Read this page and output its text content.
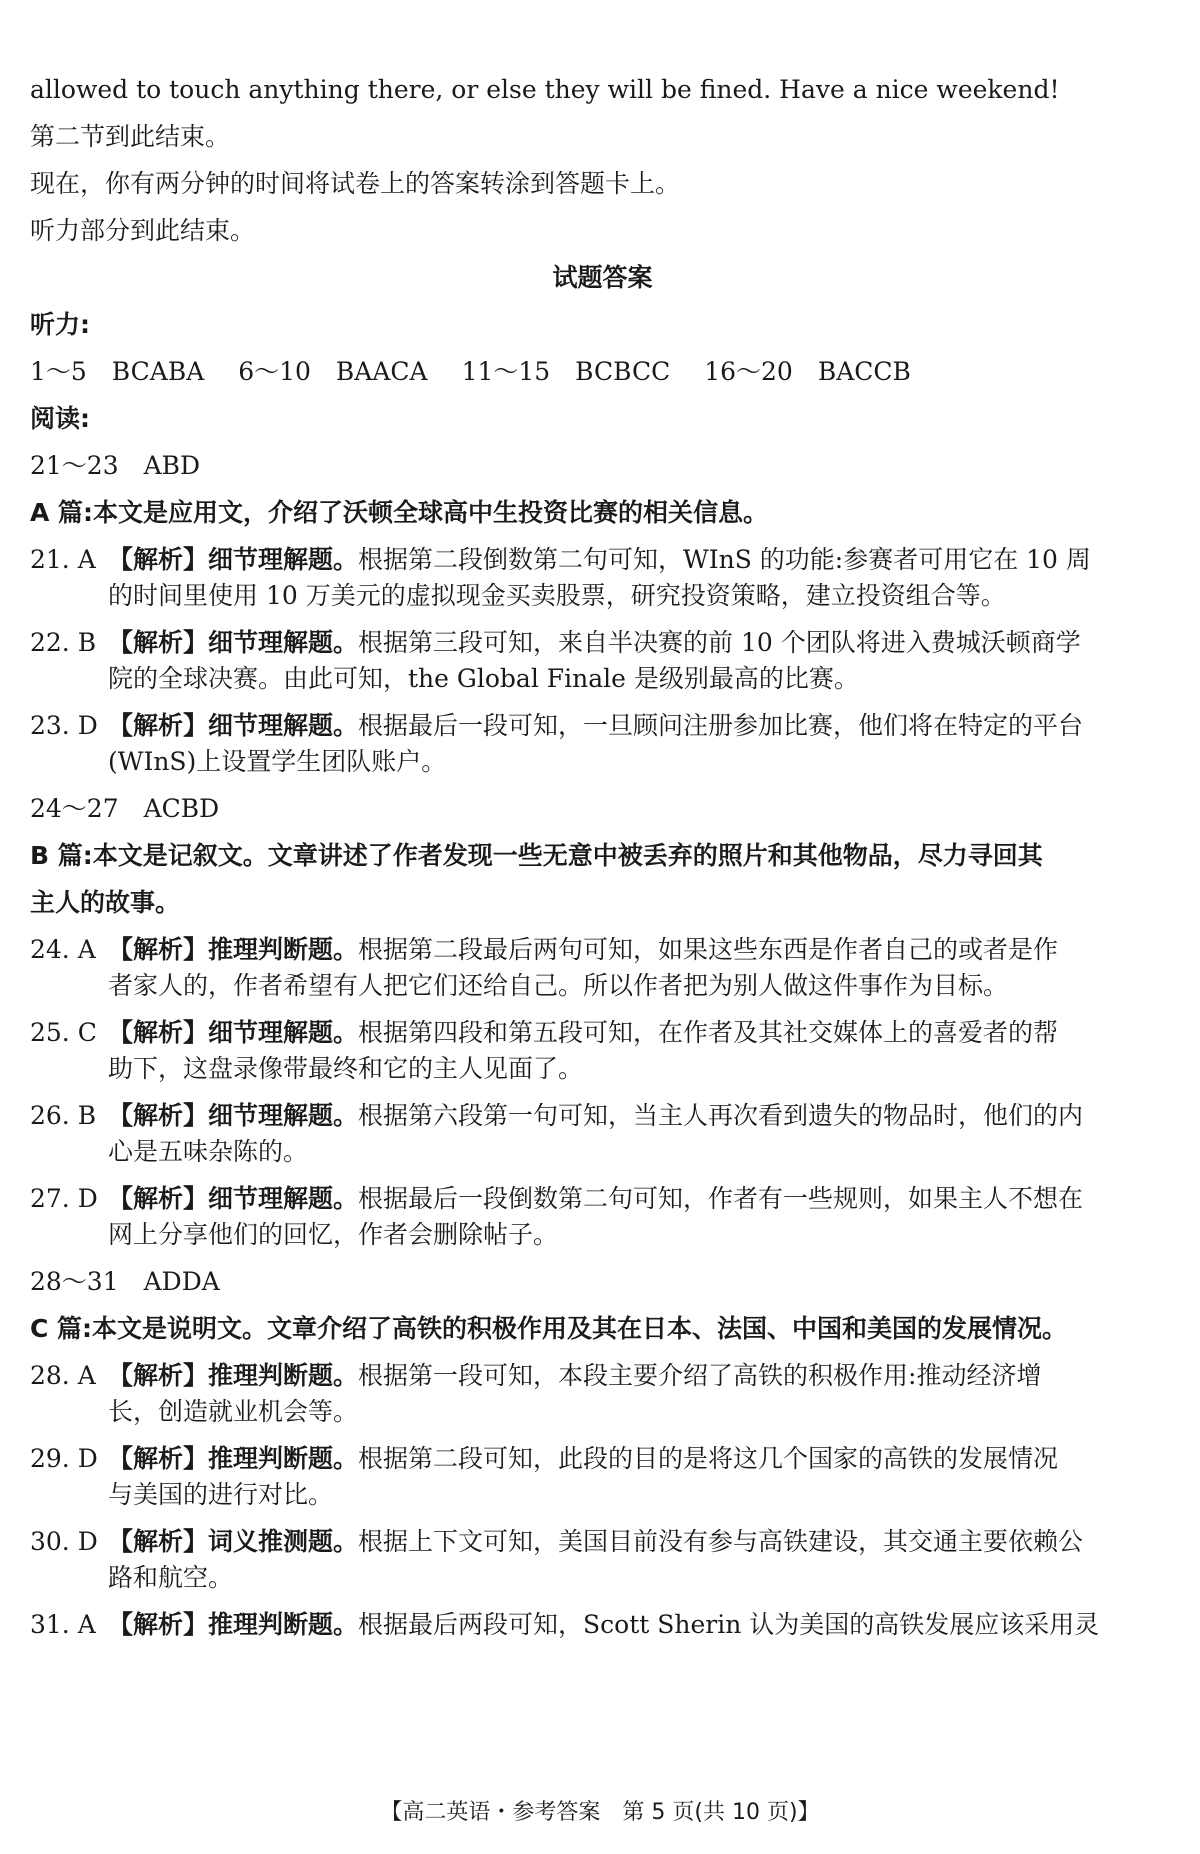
allowed to touch anything there, or else they will be fined. Have a nice weekend!
第二节到此结束。
现在，你有两分钟的时间将试卷上的答案转涂到答题卡上。
听力部分到此结束。
试题答案
听力:
1～5　BCABA 6～10　BAACA 11～15　BCBCC 16～20　BACCB
阅读:
21～23　ABD
A 篇:本文是应用文，介绍了沃顿全球高中生投资比赛的相关信息。
21. A 【解析】细节理解题。根据第二段倒数第二句可知，WInS 的功能:参赛者可用它在 10 周
的时间里使用 10 万美元的虚拟现金买卖股票，研究投资策略，建立投资组合等。
22. B 【解析】细节理解题。根据第三段可知，来自半决赛的前 10 个团队将进入费城沃顿商学
院的全球决赛。由此可知，the Global Finale 是级别最高的比赛。
23. D 【解析】细节理解题。根据最后一段可知，一旦顾问注册参加比赛，他们将在特定的平台
(WInS)上设置学生团队账户。
24～27　ACBD
B 篇:本文是记叙文。文章讲述了作者发现一些无意中被丢弃的照片和其他物品，尽力寻回其
主人的故事。
24. A 【解析】推理判断题。根据第二段最后两句可知，如果这些东西是作者自己的或者是作
者家人的，作者希望有人把它们还给自己。所以作者把为别人做这件事作为目标。
25. C 【解析】细节理解题。根据第四段和第五段可知，在作者及其社交媒体上的喜爱者的帮
助下，这盘录像带最终和它的主人见面了。
26. B 【解析】细节理解题。根据第六段第一句可知，当主人再次看到遗失的物品时，他们的内
心是五味杂陈的。
27. D 【解析】细节理解题。根据最后一段倒数第二句可知，作者有一些规则，如果主人不想在
网上分享他们的回忆，作者会删除帖子。
28～31　ADDA
C 篇:本文是说明文。文章介绍了高铁的积极作用及其在日本、法国、中国和美国的发展情况。
28. A 【解析】推理判断题。根据第一段可知，本段主要介绍了高铁的积极作用:推动经济增
长，创造就业机会等。
29. D 【解析】推理判断题。根据第二段可知，此段的目的是将这几个国家的高铁的发展情况
与美国的进行对比。
30. D 【解析】词义推测题。根据上下文可知，美国目前没有参与高铁建设，其交通主要依赖公
路和航空。
31. A 【解析】推理判断题。根据最后两段可知，Scott Sherin 认为美国的高铁发展应该采用灵
【高二英语・参考答案　第 5 页(共 10 页)】
